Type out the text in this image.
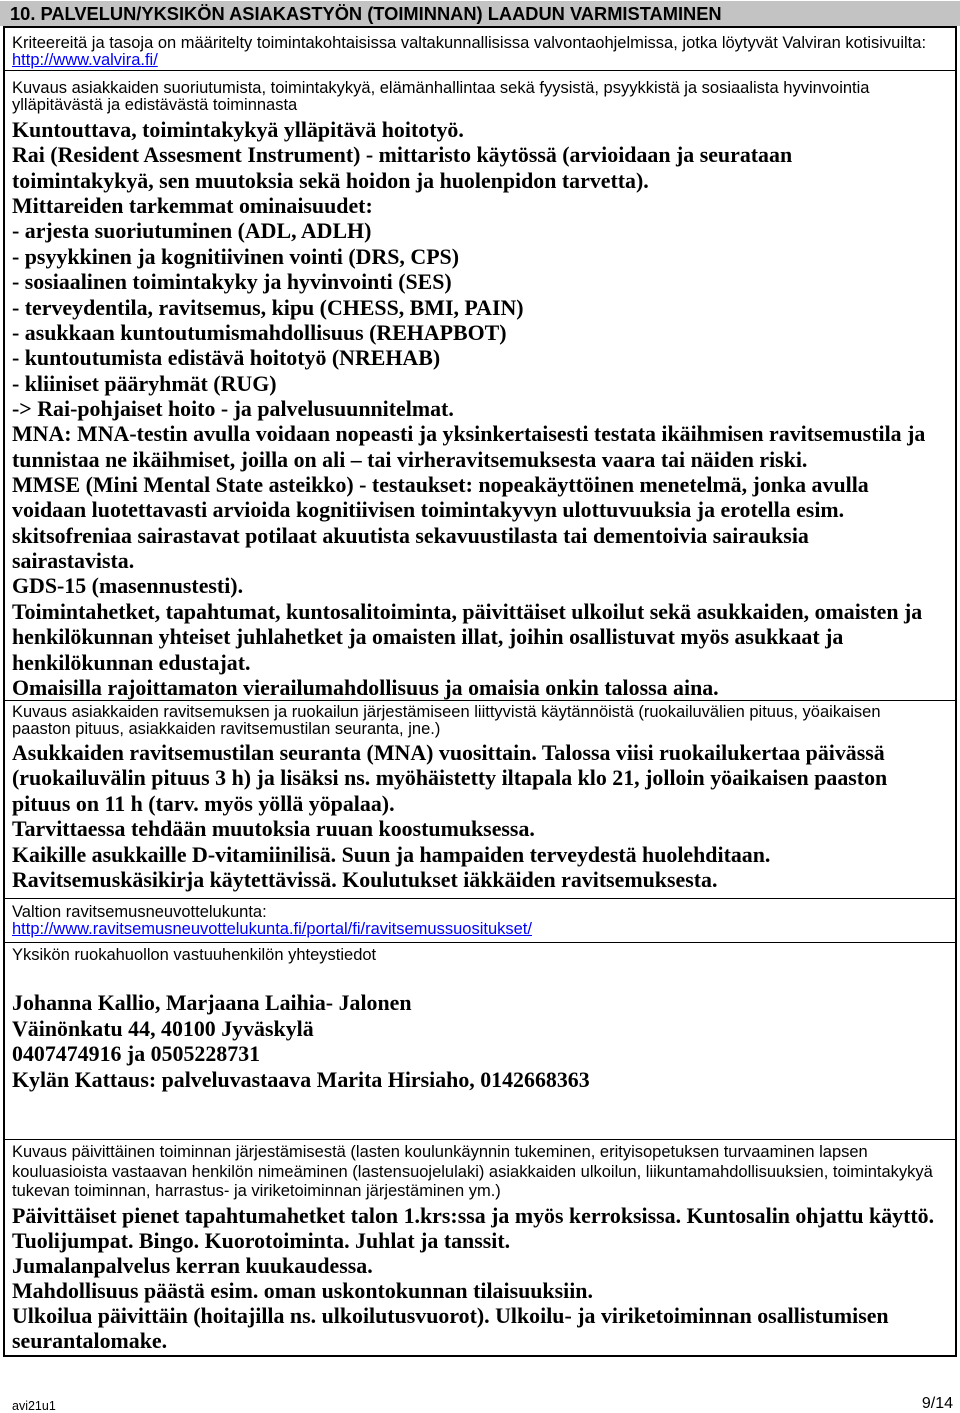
10. PALVELUN/YKSIKÖN ASIAKASTYÖN (TOIMINNAN) LAADUN VARMISTAMINEN
Kriteereitä ja tasoja on määritelty toimintakohtaisissa valtakunnallisissa valvontaohjelmissa, jotka löytyvät Valviran kotisivuilta:
http://www.valvira.fi/
Kuvaus asiakkaiden suoriutumista, toimintakykyä, elämänhallintaa sekä fyysistä, psyykkistä ja sosiaalista hyvinvointia
ylläpitävästä ja edistävästä toiminnasta
Kuntouttava, toimintakykyä ylläpitävä hoitotyö.
Rai (Resident Assesment Instrument) - mittaristo käytössä (arvioidaan ja seurataan
toimintakykyä, sen muutoksia sekä hoidon ja huolenpidon tarvetta).
Mittareiden tarkemmat ominaisuudet:
- arjesta suoriutuminen (ADL, ADLH)
- psyykkinen ja kognitiivinen vointi (DRS, CPS)
- sosiaalinen toimintakyky ja hyvinvointi (SES)
- terveydentila, ravitsemus, kipu (CHESS, BMI, PAIN)
- asukkaan kuntoutumismahdollisuus (REHAPBOT)
- kuntoutumista edistävä hoitotyö (NREHAB)
- kliiniset pääryhmät (RUG)
-> Rai-pohjaiset hoito - ja palvelusuunnitelmat.
MNA: MNA-testin avulla voidaan nopeasti ja yksinkertaisesti testata ikäihmisen ravitsemustila ja
tunnistaa ne ikäihmiset, joilla on ali – tai virheravitsemuksesta vaara tai näiden riski.
MMSE (Mini Mental State asteikko) - testaukset: nopeakäyttöinen menetelmä, jonka avulla
voidaan luotettavasti arvioida kognitiivisen toimintakyvyn ulottuvuuksia ja erotella esim.
skitsofreniaa sairastavat potilaat akuutista sekavuustilasta tai dementoivia sairauksia
sairastavista.
GDS-15 (masennustesti).
Toimintahetket, tapahtumat, kuntosalitoiminta, päivittäiset ulkoilut sekä asukkaiden, omaisten ja
henkilökunnan yhteiset juhlahetket ja omaisten illat, joihin osallistuvat myös asukkaat ja
henkilökunnan edustajat.
Omaisilla rajoittamaton vierailumahdollisuus ja omaisia onkin talossa aina.
Kuvaus asiakkaiden ravitsemuksen ja ruokailun järjestämiseen liittyvistä käytännöistä (ruokailuvälien pituus, yöaikaisen
paaston pituus, asiakkaiden ravitsemustilan seuranta, jne.)
Asukkaiden ravitsemustilan seuranta (MNA) vuosittain. Talossa viisi ruokailukertaa päivässä
(ruokailuvälin pituus 3 h) ja lisäksi ns. myöhäistetty iltapala klo 21, jolloin yöaikaisen paaston
pituus on 11 h (tarv. myös yöllä yöpalaa).
Tarvittaessa tehdään muutoksia ruuan koostumuksessa.
Kaikille asukkaille D-vitamiinilisä. Suun ja hampaiden terveydestä huolehditaan.
Ravitsemuskäsikirja käytettävissä. Koulutukset iäkkäiden ravitsemuksesta.
Valtion ravitsemusneuvottelukunta:
http://www.ravitsemusneuvottelukunta.fi/portal/fi/ravitsemussuositukset/
Yksikön ruokahuollon vastuuhenkilön yhteystiedot
Johanna Kallio, Marjaana Laihia- Jalonen
Väinönkatu 44, 40100 Jyväskylä
0407474916 ja 0505228731
Kylän Kattaus: palveluvastaava Marita Hirsiaho, 0142668363
Kuvaus päivittäinen toiminnan järjestämisestä (lasten koulunkäynnin tukeminen, erityisopetuksen turvaaminen lapsen
kouluasioista vastaavan henkilön nimeäminen (lastensuojelulaki) asiakkaiden ulkoilun, liikuntamahdollisuuksien, toimintakykyä
tukevan toiminnan, harrastus- ja viriketoiminnan järjestäminen ym.)
Päivittäiset pienet tapahtumahetket talon 1.krs:ssa ja myös kerroksissa. Kuntosalin ohjattu käyttö.
Tuolijumpat. Bingo. Kuorotoiminta. Juhlat ja tanssit.
Jumalanpalvelus kerran kuukaudessa.
Mahdollisuus päästä esim. oman uskontokunnan tilaisuuksiin.
Ulkoilua päivittäin (hoitajilla ns. ulkoilutusvuorot). Ulkoilu- ja viriketoiminnan osallistumisen
seurantalomake.
avi21u1	9/14
